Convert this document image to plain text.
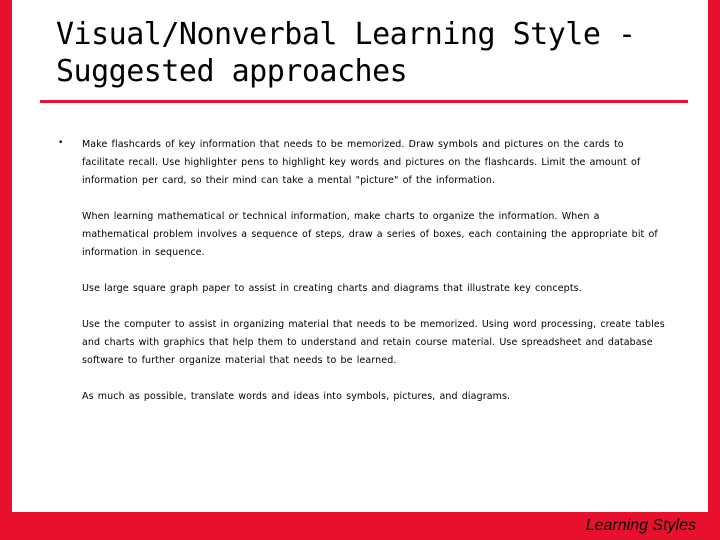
Visual/Nonverbal Learning Style -
Suggested approaches
• Make flashcards of key information that needs to be memorized. Draw symbols and pictures on the cards to facilitate recall. Use highlighter pens to highlight key words and pictures on the flashcards. Limit the amount of information per card, so their mind can take a mental "picture" of the information.

When learning mathematical or technical information, make charts to organize the information. When a mathematical problem involves a sequence of steps, draw a series of boxes, each containing the appropriate bit of information in sequence.

Use large square graph paper to assist in creating charts and diagrams that illustrate key concepts.

Use the computer to assist in organizing material that needs to be memorized. Using word processing, create tables and charts with graphics that help them to understand and retain course material. Use spreadsheet and database software to further organize material that needs to be learned.

As much as possible, translate words and ideas into symbols, pictures, and diagrams.

Learning Styles
